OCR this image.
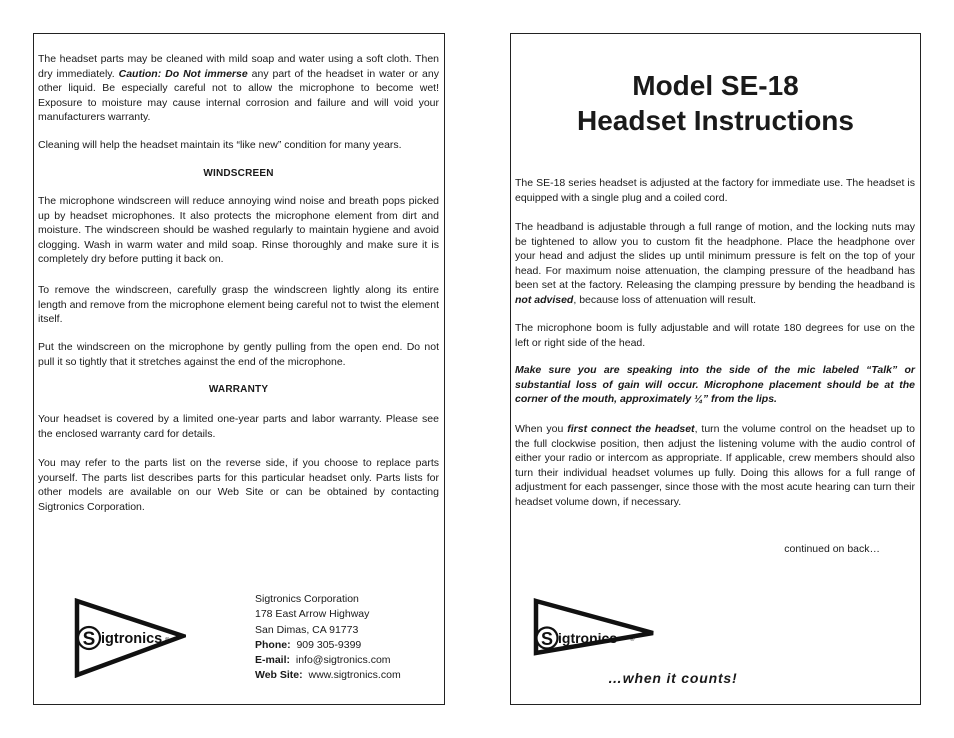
The headset parts may be cleaned with mild soap and water using a soft cloth. Then dry immediately. Caution: Do Not immerse any part of the headset in water or any other liquid. Be especially careful not to allow the microphone to become wet! Exposure to moisture may cause internal corrosion and failure and will void your manufacturers warranty.

Cleaning will help the headset maintain its “like new” condition for many years.

WINDSCREEN

The microphone windscreen will reduce annoying wind noise and breath pops picked up by headset microphones. It also protects the microphone element from dirt and moisture. The windscreen should be washed regularly to maintain hygiene and avoid clogging. Wash in warm water and mild soap. Rinse thoroughly and make sure it is completely dry before putting it back on.

To remove the windscreen, carefully grasp the windscreen lightly along its entire length and remove from the microphone element being careful not to twist the element itself.

Put the windscreen on the microphone by gently pulling from the open end. Do not pull it so tightly that it stretches against the end of the microphone.

WARRANTY

Your headset is covered by a limited one-year parts and labor warranty. Please see the enclosed warranty card for details.

You may refer to the parts list on the reverse side, if you choose to replace parts yourself. The parts list describes parts for this particular headset only. Parts lists for other models are available on our Web Site or can be obtained by contacting Sigtronics Corporation.

S igtronics ®
Sigtronics Corporation
178 East Arrow Highway
San Dimas, CA 91773
Phone: 909 305-9399
E-mail: info@sigtronics.com
Web Site: www.sigtronics.com

Model SE-18

Headset Instructions

The SE-18 series headset is adjusted at the factory for immediate use. The headset is equipped with a single plug and a coiled cord.

The headband is adjustable through a full range of motion, and the locking nuts may be tightened to allow you to custom fit the headphone. Place the headphone over your head and adjust the slides up until minimum pressure is felt on the top of your head. For maximum noise attenuation, the clamping pressure of the headband has been set at the factory. Releasing the clamping pressure by bending the headband is not advised, because loss of attenuation will result.

The microphone boom is fully adjustable and will rotate 180 degrees for use on the left or right side of the head.

Make sure you are speaking into the side of the mic labeled “Talk” or substantial loss of gain will occur. Microphone placement should be at the corner of the mouth, approximately ¼” from the lips.

When you first connect the headset, turn the volume control on the headset up to the full clockwise position, then adjust the listening volume with the audio control of either your radio or intercom as appropriate. If applicable, crew members should also turn their individual headset volumes up fully. Doing this allows for a full range of adjustment for each passenger, since those with the most acute hearing can turn their headset volume down, if necessary.

continued on back…
S igtronics ®
…when it counts!
